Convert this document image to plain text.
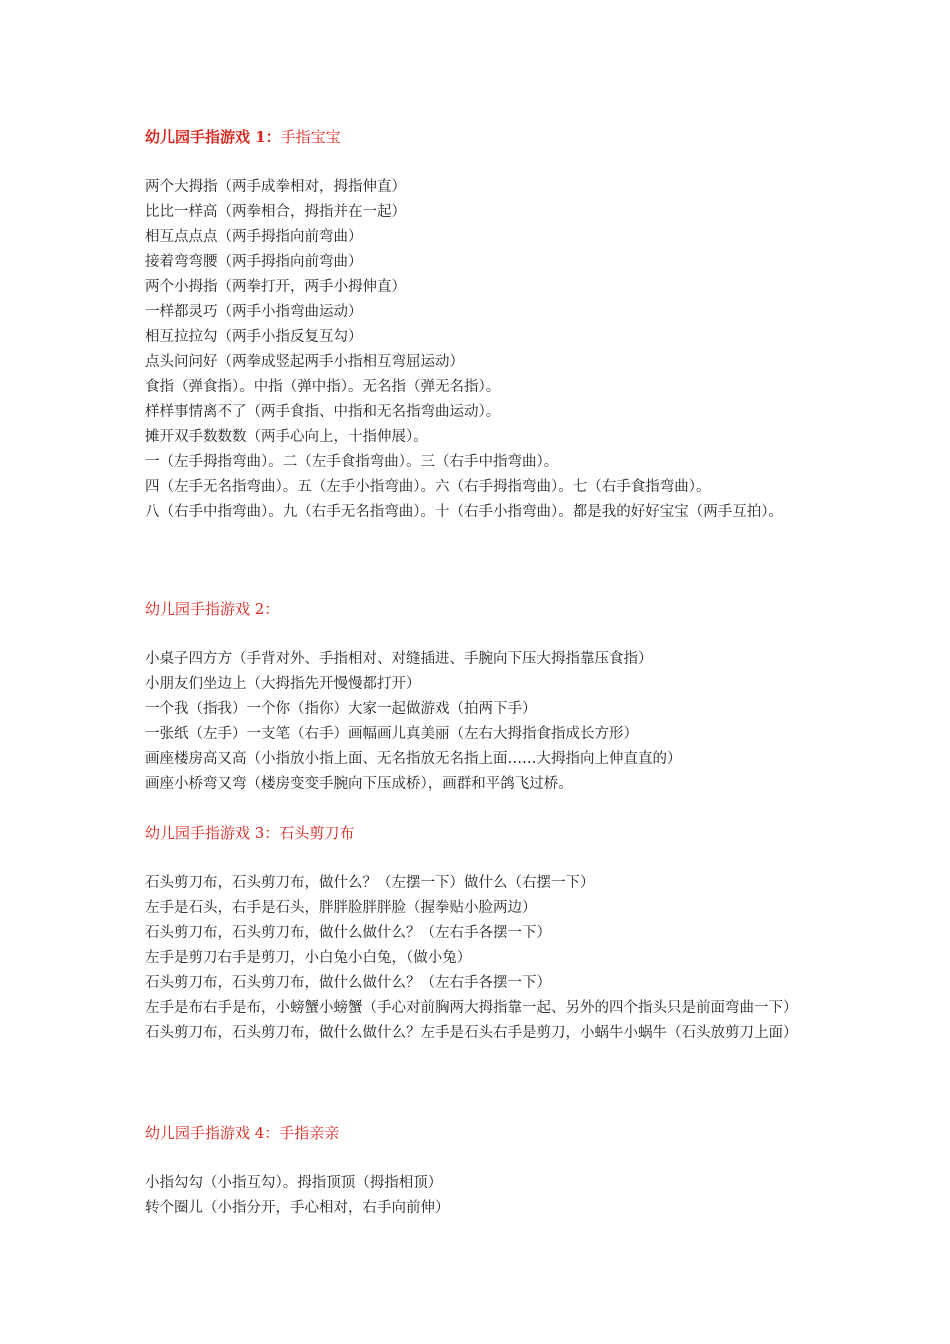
幼儿园手指游戏 1：手指宝宝
两个大拇指（两手成拳相对，拇指伸直）
比比一样高（两拳相合，拇指并在一起）
相互点点点（两手拇指向前弯曲）
接着弯弯腰（两手拇指向前弯曲）
两个小拇指（两拳打开，两手小拇伸直）
一样都灵巧（两手小指弯曲运动）
相互拉拉勾（两手小指反复互勾）
点头问问好（两拳成竖起两手小指相互弯屈运动）
食指（弹食指）。中指（弹中指）。无名指（弹无名指）。
样样事情离不了（两手食指、中指和无名指弯曲运动）。
摊开双手数数数（两手心向上，十指伸展）。
一（左手拇指弯曲）。二（左手食指弯曲）。三（右手中指弯曲）。
四（左手无名指弯曲）。五（左手小指弯曲）。六（右手拇指弯曲）。七（右手食指弯曲）。
八（右手中指弯曲）。九（右手无名指弯曲）。十（右手小指弯曲）。都是我的好好宝宝（两手互拍）。
幼儿园手指游戏 2：
小桌子四方方（手背对外、手指相对、对缝插进、手腕向下压大拇指靠压食指）
小朋友们坐边上（大拇指先开慢慢都打开）
一个我（指我）一个你（指你）大家一起做游戏（拍两下手）
一张纸（左手）一支笔（右手）画幅画儿真美丽（左右大拇指食指成长方形）
画座楼房高又高（小指放小指上面、无名指放无名指上面……大拇指向上伸直直的）
画座小桥弯又弯（楼房变变手腕向下压成桥），画群和平鸽飞过桥。
幼儿园手指游戏 3：石头剪刀布
石头剪刀布，石头剪刀布，做什么？（左摆一下）做什么（右摆一下）
左手是石头，右手是石头，胖胖脸胖胖脸（握拳贴小脸两边）
石头剪刀布，石头剪刀布，做什么做什么？（左右手各摆一下）
左手是剪刀右手是剪刀，小白兔小白兔，（做小兔）
石头剪刀布，石头剪刀布，做什么做什么？（左右手各摆一下）
左手是布右手是布，小螃蟹小螃蟹（手心对前胸两大拇指靠一起、另外的四个指头只是前面弯曲一下）
石头剪刀布，石头剪刀布，做什么做什么？左手是石头右手是剪刀，小蜗牛小蜗牛（石头放剪刀上面）
幼儿园手指游戏 4：手指亲亲
小指勾勾（小指互勾）。拇指顶顶（拇指相顶）
转个圈儿（小指分开，手心相对，右手向前伸）
